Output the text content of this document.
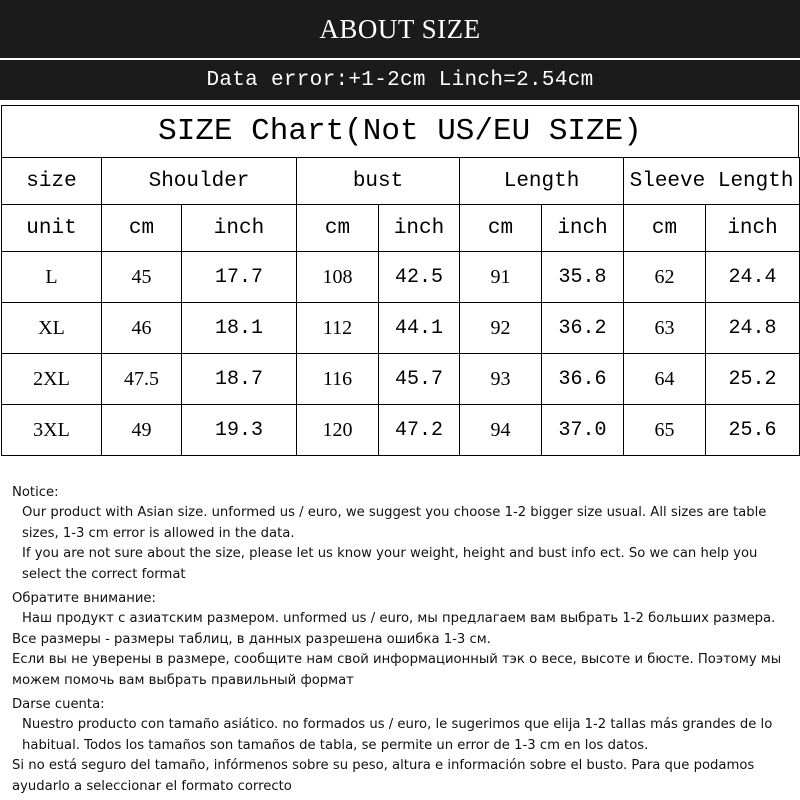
ABOUT SIZE
Data error:+1-2cm Linch=2.54cm
SIZE Chart(Not US/EU SIZE)
size	Shoulder		bust		Length		Sleeve Length	
unit	cm	inch	cm	inch	cm	inch	cm	inch
L	45	17.7	108	42.5	91	35.8	62	24.4
XL	46	18.1	112	44.1	92	36.2	63	24.8
2XL	47.5	18.7	116	45.7	93	36.6	64	25.2
3XL	49	19.3	120	47.2	94	37.0	65	25.6

Notice:

Our product with Asian size. unformed us / euro, we suggest you choose 1-2 bigger size usual. All sizes are table sizes, 1-3 cm error is allowed in the data.

If you are not sure about the size, please let us know your weight, height and bust info ect. So we can help you select the correct format

Обратите внимание:

Наш продукт с азиатским размером. unformed us / euro, мы предлагаем вам выбрать 1-2 больших размера.

Все размеры - размеры таблиц, в данных разрешена ошибка 1-3 см.

Если вы не уверены в размере, сообщите нам свой информационный тэк о весе, высоте и бюсте. Поэтому мы можем помочь вам выбрать правильный формат

Darse cuenta:

Nuestro producto con tamaño asiático. no formados us / euro, le sugerimos que elija 1-2 tallas más grandes de lo habitual. Todos los tamaños son tamaños de tabla, se permite un error de 1-3 cm en los datos.

Si no está seguro del tamaño, infórmenos sobre su peso, altura e información sobre el busto. Para que podamos ayudarlo a seleccionar el formato correcto
